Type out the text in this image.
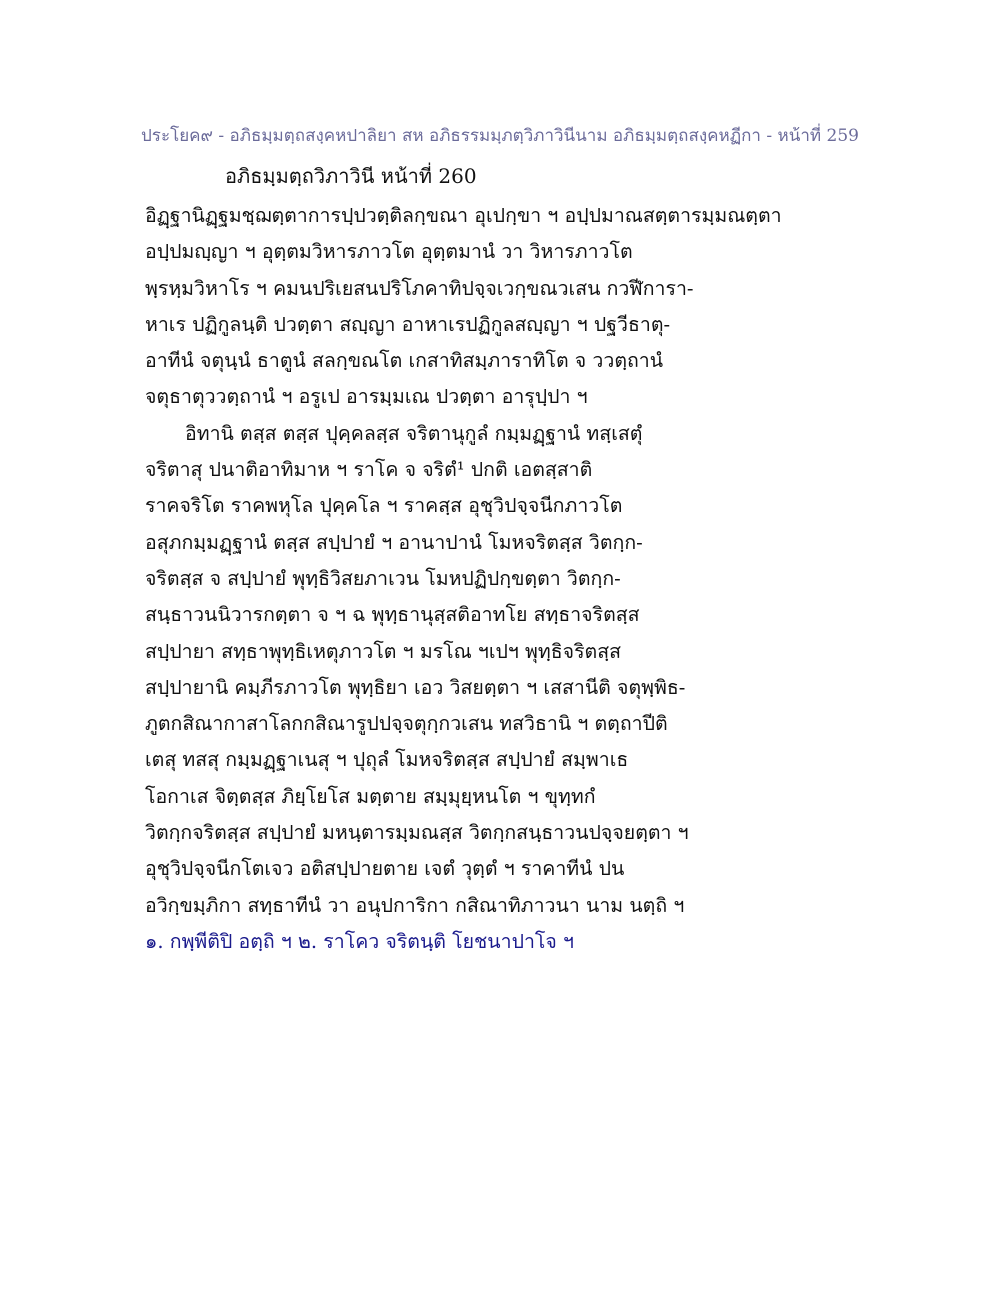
ประโยค๙ - อภิธมฺมตฺถสงฺคหปาลิยา สห อภิธรรมมฺภตฺวิภาวินีนาม อภิธมฺมตฺถสงฺคหฏีกา - หน้าที่ 259
อภิธมฺมตฺถวิภาวินี หน้าที่ 260
อิฏฺฐานิฏฺฐมชฺฌตฺตาการปฺปวตฺติลกฺขณา อุเปกฺขา ฯ อปฺปมาณสตฺตารมฺมณตฺตา
อปฺปมญฺญา ฯ อุตฺตมวิหารภาวโต อุตฺตมานํ วา วิหารภาวโต
พฺรหฺมวิหาโร ฯ คมนปริเยสนปริโภคาทิปจฺจเวกฺขณวเสน กวฬีการา-
หาเร ปฏิกูลนฺติ ปวตฺตา สญฺญา อาหาเรปฏิกูลสญฺญา ฯ ปฐวีธาตุ-
อาทีนํ จตุนฺนํ ธาตูนํ สลกฺขณโต เกสาทิสมฺภาราทิโต จ ววตฺถานํ
จตุธาตุววตฺถานํ ฯ อรูเป อารมฺมเณ ปวตฺตา อารุปฺปา ฯ
อิทานิ ตสฺส ตสฺส ปุคฺคลสฺส จริตานุกูลํ กมฺมฏฺฐานํ ทสฺเสตุํ
จริตาสุ ปนาติอาทิมาห ฯ ราโค จ จริตํ¹ ปกติ เอตสฺสาติ
ราคจริโต ราคพหุโล ปุคฺคโล ฯ ราคสฺส อุชุวิปจฺจนีกภาวโต
อสุภกมฺมฏฺฐานํ ตสฺส สปฺปายํ ฯ อานาปานํ โมหจริตสฺส วิตกฺก-
จริตสฺส จ สปฺปายํ พุทฺธิวิสยภาเวน โมหปฏิปกฺขตฺตา วิตกฺก-
สนฺธาวนนิวารกตฺตา จ ฯ ฉ พุทฺธานุสฺสติอาทโย สทฺธาจริตสฺส
สปฺปายา สทฺธาพุทฺธิเหตุภาวโต ฯ มรโณ ฯเปฯ พุทฺธิจริตสฺส
สปฺปายานิ คมฺภีรภาวโต พุทฺธิยา เอว วิสยตฺตา ฯ เสสานีติ จตุพฺพิธ-
ภูตกสิณากาสาโลกกสิณารูปปจฺจตุกฺกวเสน ทสวิธานิ ฯ ตตฺถาปีติ
เตสุ ทสสุ กมฺมฏฺฐาเนสุ ฯ ปุถุลํ โมหจริตสฺส สปฺปายํ สมฺพาเธ
โอกาเส จิตฺตสฺส ภิยฺโยโส มตฺตาย สมฺมุยฺหนโต ฯ ขุทฺทกํ
วิตกฺกจริตสฺส สปฺปายํ มหนฺตารมฺมณสฺส วิตกฺกสนฺธาวนปจฺจยตฺตา ฯ
อุชุวิปจฺจนีกโตเจว อติสปฺปายตาย เจตํ วุตฺตํ ฯ ราคาทีนํ ปน
อวิกฺขมฺภิกา สทฺธาทีนํ วา อนุปการิกา กสิณาทิภาวนา นาม นตฺถิ ฯ
๑. กพฺพีติปิ อตฺถิ ฯ ๒. ราโคว จริตนฺติ โยชนาปาโจ ฯ
